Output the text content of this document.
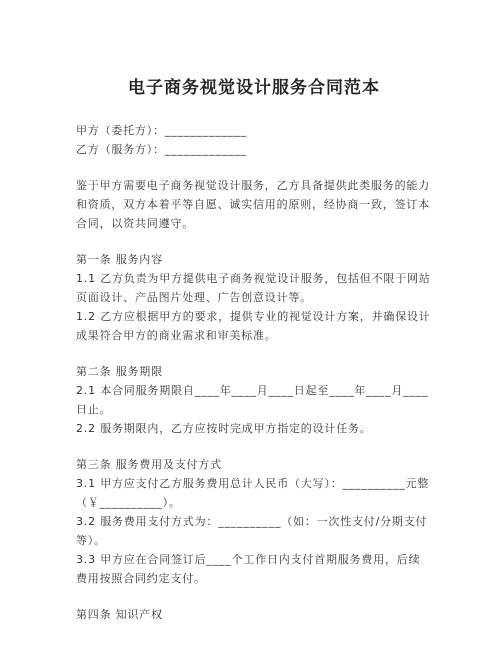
电子商务视觉设计服务合同范本

甲方（委托方）：_____________

乙方（服务方）：_____________

鉴于甲方需要电子商务视觉设计服务，乙方具备提供此类服务的能力和资质，双方本着平等自愿、诚实信用的原则，经协商一致，签订本合同，以资共同遵守。

第一条 服务内容

1.1 乙方负责为甲方提供电子商务视觉设计服务，包括但不限于网站页面设计、产品图片处理、广告创意设计等。

1.2 乙方应根据甲方的要求，提供专业的视觉设计方案，并确保设计成果符合甲方的商业需求和审美标准。

第二条 服务期限

2.1 本合同服务期限自____年____月____日起至____年____月____日止。

2.2 服务期限内，乙方应按时完成甲方指定的设计任务。

第三条 服务费用及支付方式

3.1 甲方应支付乙方服务费用总计人民币（大写）：__________元整（￥__________）。

3.2 服务费用支付方式为：__________（如：一次性支付/分期支付等）。

3.3 甲方应在合同签订后____个工作日内支付首期服务费用，后续费用按照合同约定支付。

第四条 知识产权
